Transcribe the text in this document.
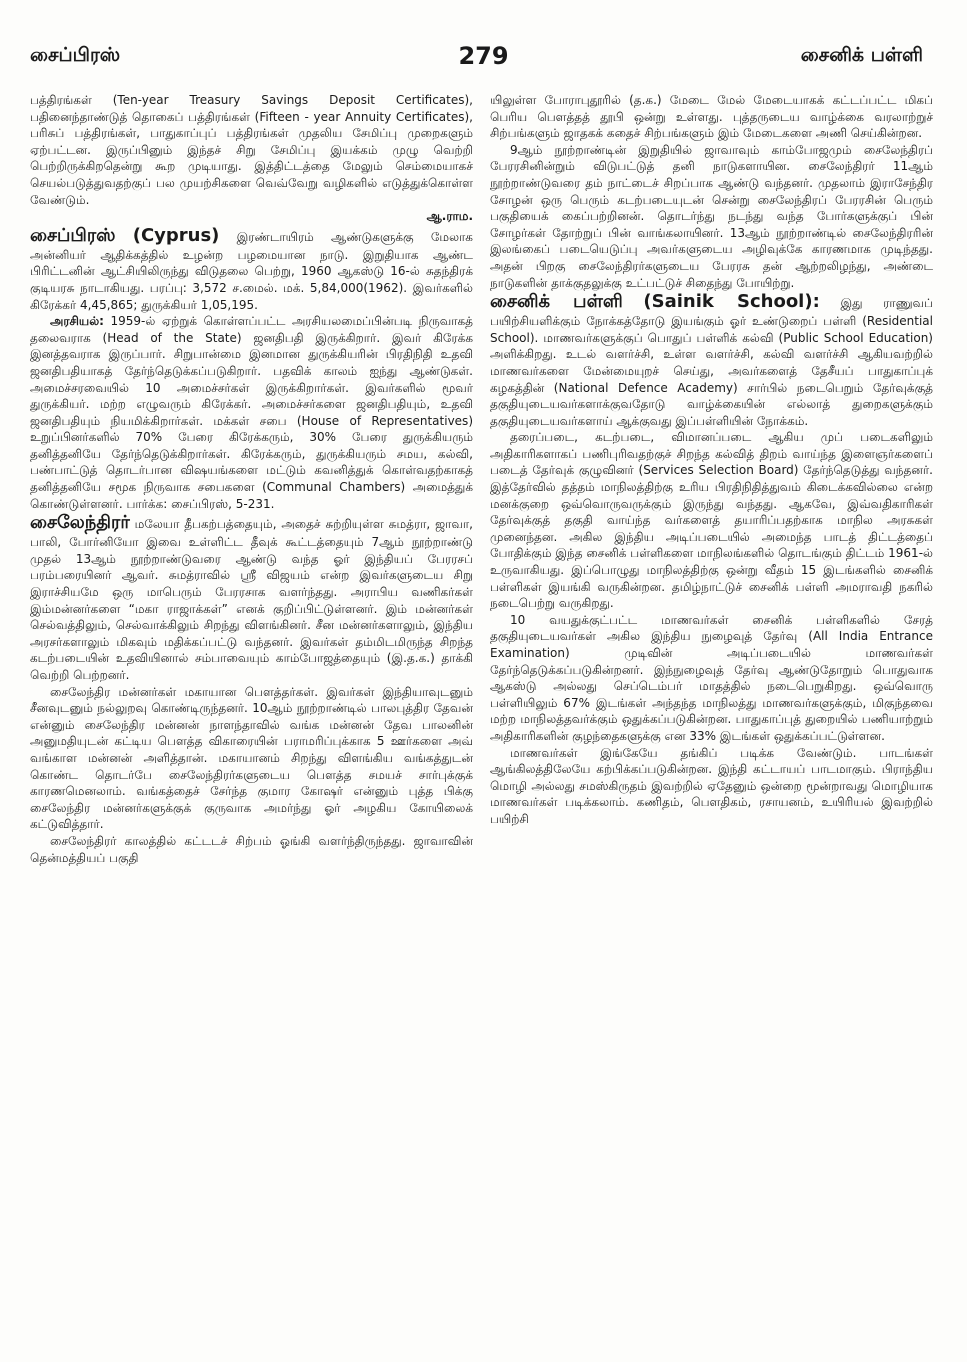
சைப்பிரஸ்	279	சைனிக் பள்ளி

பத்திரங்கள் (Ten-year Treasury Savings Deposit Certificates), பதினைந்தாண்டுத் தொகைப் பத்திரங்கள் (Fifteen - year Annuity Certificates), பரிசுப் பத்திரங்கள், பாதுகாப்புப் பத்திரங்கள் முதலிய சேமிப்பு முறைகளும் ஏற்பட்டன. இருப்பினும் இந்தச் சிறு சேமிப்பு இயக்கம் முழு வெற்றி பெற்றிருக்கிறதென்று கூற முடியாது. இத்திட்டத்தை மேலும் செம்மையாகச் செயல்படுத்துவதற்குப் பல முயற்சிகளை வெவ்வேறு வழிகளில் எடுத்துக்கொள்ள வேண்டும்.
ஆ.ராம.

சைப்பிரஸ் (Cyprus) இரண்டாயிரம் ஆண்டுகளுக்கு மேலாக அன்னியர் ஆதிக்கத்தில் உழன்ற பழமையான நாடு. இறுதியாக ஆண்ட பிரிட்டனின் ஆட்சியிலிருந்து விடுதலை பெற்று, 1960 ஆகஸ்டு 16-ல் சுதந்திரக் குடியரசு நாடாகியது. பரப்பு: 3,572 ச.மைல். மக். 5,84,000(1962). இவர்களில் கிரேக்கர் 4,45,865; துருக்கியர் 1,05,195.

அரசியல்: 1959-ல் ஏற்றுக் கொள்ளப்பட்ட அரசியலமைப்பின்படி நிருவாகத் தலைவராக (Head of the State) ஜனதிபதி இருக்கிறார். இவர் கிரேக்க இனத்தவராக இருப்பார். சிறுபான்மை இனமான துருக்கியரின் பிரதிநிதி உதவி ஜனதிபதியாகத் தேர்ந்தெடுக்கப்படுகிறார். பதவிக் காலம் ஐந்து ஆண்டுகள். அமைச்சரவையில் 10 அமைச்சர்கள் இருக்கிறார்கள். இவர்களில் மூவர் துருக்கியர். மற்ற எழுவரும் கிரேக்கர். அமைச்சர்களை ஜனதிபதியும், உதவி ஜனதிபதியும் நியமிக்கிறார்கள். மக்கள் சபை (House of Representatives) உறுப்பினர்களில் 70% பேரை கிரேக்கரும், 30% பேரை துருக்கியரும் தனித்தனியே தேர்ந்தெடுக்கிறார்கள். கிரேக்கரும், துருக்கியரும் சமய, கல்வி, பண்பாட்டுத் தொடர்பான விஷயங்களை மட்டும் கவனித்துக் கொள்வதற்காகத் தனித்தனியே சமூக நிருவாக சபைகளை (Communal Chambers) அமைத்துக் கொண்டுள்ளனர். பார்க்க: சைப்பிரஸ், 5-231.

சைலேந்திரர் மலேயா தீபகற்பத்தையும், அதைச் சுற்றியுள்ள சுமத்ரா, ஜாவா, பாலி, போர்னியோ இவை உள்ளிட்ட தீவுக் கூட்டத்தையும் 7ஆம் நூற்றாண்டு முதல் 13ஆம் நூற்றாண்டுவரை ஆண்டு வந்த ஓர் இந்தியப் பேரரசப் பரம்பரையினர் ஆவர். சுமத்ராவில் ஸ்ரீ விஜயம் என்ற இவர்களுடைய சிறு இராச்சியமே ஒரு மாபெரும் பேரரசாக வளர்ந்தது. அராபிய வணிகர்கள் இம்மன்னர்களை “மகா ராஜாக்கள்” எனக் குறிப்பிட்டுள்ளனர். இம் மன்னர்கள் செல்வத்திலும், செல்வாக்கிலும் சிறந்து விளங்கினர். சீன மன்னர்களாலும், இந்திய அரசர்களாலும் மிகவும் மதிக்கப்பட்டு வந்தனர். இவர்கள் தம்மிடமிருந்த சிறந்த கடற்படையின் உதவியினால் சம்பாவையும் காம்போஜத்தையும் (இ.த.க.) தாக்கி வெற்றி பெற்றனர்.

சைலேந்திர மன்னர்கள் மகாயான பௌத்தர்கள். இவர்கள் இந்தியாவுடனும் சீனவுடனும் நல்லுறவு கொண்டிருந்தனர். 10ஆம் நூற்றாண்டில் பாலபுத்திர தேவன் என்னும் சைலேந்திர மன்னன் நாளந்தாவில் வங்க மன்னன் தேவ பாலனின் அனுமதியுடன் கட்டிய பௌத்த விகாரையின் பராமரிப்புக்காக 5 ஊர்களை அவ் வங்காள மன்னன் அளித்தான். மகாயானம் சிறந்து விளங்கிய வங்கத்துடன் கொண்ட தொடர்பே சைலேந்திரர்களுடைய பௌத்த சமயச் சார்புக்குக் காரணமெனலாம். வங்கத்தைச் சேர்ந்த குமார கோஷர் என்னும் புத்த பிக்கு சைலேந்திர மன்னர்களுக்குக் குருவாக அமர்ந்து ஓர் அழகிய கோயிலைக் கட்டுவித்தார்.

சைலேந்திரர் காலத்தில் கட்டடச் சிற்பம் ஓங்கி வளர்ந்திருந்தது. ஜாவாவின் தென்மத்தியப் பகுதி

யிலுள்ள போராபுதூரில் (த.க.) மேடை மேல் மேடையாகக் கட்டப்பட்ட மிகப் பெரிய பௌத்தத் தூபி ஒன்று உள்ளது. புத்தருடைய வாழ்க்கை வரலாற்றுச் சிற்பங்களும் ஜாதகக் கதைச் சிற்பங்களும் இம் மேடைகளை அணி செய்கின்றன.

9ஆம் நூற்றாண்டின் இறுதியில் ஜாவாவும் காம்போஜமும் சைலேந்திரப் பேரரசினின்றும் விடுபட்டுத் தனி நாடுகளாயின. சைலேந்திரர் 11ஆம் நூற்றாண்டுவரை தம் நாட்டைச் சிறப்பாக ஆண்டு வந்தனர். முதலாம் இராசேந்திர சோழன் ஒரு பெரும் கடற்படையுடன் சென்று சைலேந்திரப் பேரரசின் பெரும் பகுதியைக் கைப்பற்றினன். தொடர்ந்து நடந்து வந்த போர்களுக்குப் பின் சோழர்கள் தோற்றுப் பின் வாங்கலாயினர். 13ஆம் நூற்றாண்டில் சைலேந்திரரின் இலங்கைப் படையெடுப்பு அவர்களுடைய அழிவுக்கே காரணமாக முடிந்தது. அதன் பிறகு சைலேந்திரர்களுடைய பேரரசு தன் ஆற்றலிழந்து, அண்டை நாடுகளின் தாக்குதலுக்கு உட்பட்டுச் சிதைந்து போயிற்று.

சைனிக் பள்ளி (Sainik School): இது ராணுவப் பயிற்சியளிக்கும் நோக்கத்தோடு இயங்கும் ஓர் உண்டுறைப் பள்ளி (Residential School). மாணவர்களுக்குப் பொதுப் பள்ளிக் கல்வி (Public School Education) அளிக்கிறது. உடல் வளர்ச்சி, உள்ள வளர்ச்சி, கல்வி வளர்ச்சி ஆகியவற்றில் மாணவர்களை மேன்மையுறச் செய்து, அவர்களைத் தேசீயப் பாதுகாப்புக் கழகத்தின் (National Defence Academy) சார்பில் நடைபெறும் தேர்வுக்குத் தகுதியுடையவர்களாக்குவதோடு வாழ்க்கையின் எல்லாத் துறைகளுக்கும் தகுதியுடையவர்களாய் ஆக்குவது இப்பள்ளியின் நோக்கம்.

தரைப்படை, கடற்படை, விமானப்படை ஆகிய முப் படைகளிலும் அதிகாரிகளாகப் பணிபுரிவதற்குச் சிறந்த கல்வித் திறம் வாய்ந்த இளைஞர்களைப் படைத் தேர்வுக் குழுவினர் (Services Selection Board) தேர்ந்தெடுத்து வந்தனர். இத்தேர்வில் தத்தம் மாநிலத்திற்கு உரிய பிரதிநிதித்துவம் கிடைக்கவில்லை என்ற மனக்குறை ஒவ்வொருவருக்கும் இருந்து வந்தது. ஆகவே, இவ்வதிகாரிகள் தேர்வுக்குத் தகுதி வாய்ந்த வர்களைத் தயாரிப்பதற்காக மாநில அரசுகள் முனைந்தன. அகில இந்திய அடிப்படையில் அமைந்த பாடத் திட்டத்தைப் போதிக்கும் இந்த சைனிக் பள்ளிகளை மாநிலங்களில் தொடங்கும் திட்டம் 1961-ல் உருவாகியது. இப்பொழுது மாநிலத்திற்கு ஒன்று வீதம் 15 இடங்களில் சைனிக் பள்ளிகள் இயங்கி வருகின்றன. தமிழ்நாட்டுச் சைனிக் பள்ளி அமராவதி நகரில் நடைபெற்று வருகிறது.

10 வயதுக்குட்பட்ட மாணவர்கள் சைனிக் பள்ளிகளில் சேரத் தகுதியுடையவர்கள் அகில இந்திய நுழைவுத் தேர்வு (All India Entrance Examination) முடிவின் அடிப்படையில் மாணவர்கள் தேர்ந்தெடுக்கப்படுகின்றனர். இந்நுழைவுத் தேர்வு ஆண்டுதோறும் பொதுவாக ஆகஸ்டு அல்லது செப்டெம்பர் மாதத்தில் நடைபெறுகிறது. ஒவ்வொரு பள்ளியிலும் 67% இடங்கள் அந்தந்த மாநிலத்து மாணவர்களுக்கும், மிகுந்தவை மற்ற மாநிலத்தவர்க்கும் ஒதுக்கப்படுகின்றன. பாதுகாப்புத் துறையில் பணியாற்றும் அதிகாரிகளின் குழந்தைகளுக்கு என 33% இடங்கள் ஒதுக்கப்பட்டுள்ளன.

மாணவர்கள் இங்கேயே தங்கிப் படிக்க வேண்டும். பாடங்கள் ஆங்கிலத்திலேயே கற்பிக்கப்படுகின்றன. இந்தி கட்டாயப் பாடமாகும். பிராந்திய மொழி அல்லது சமஸ்கிருதம் இவற்றில் ஏதேனும் ஒன்றை மூன்றாவது மொழியாக மாணவர்கள் படிக்கலாம். கணிதம், பௌதிகம், ரசாயனம், உயிரியல் இவற்றில் பயிற்சி
